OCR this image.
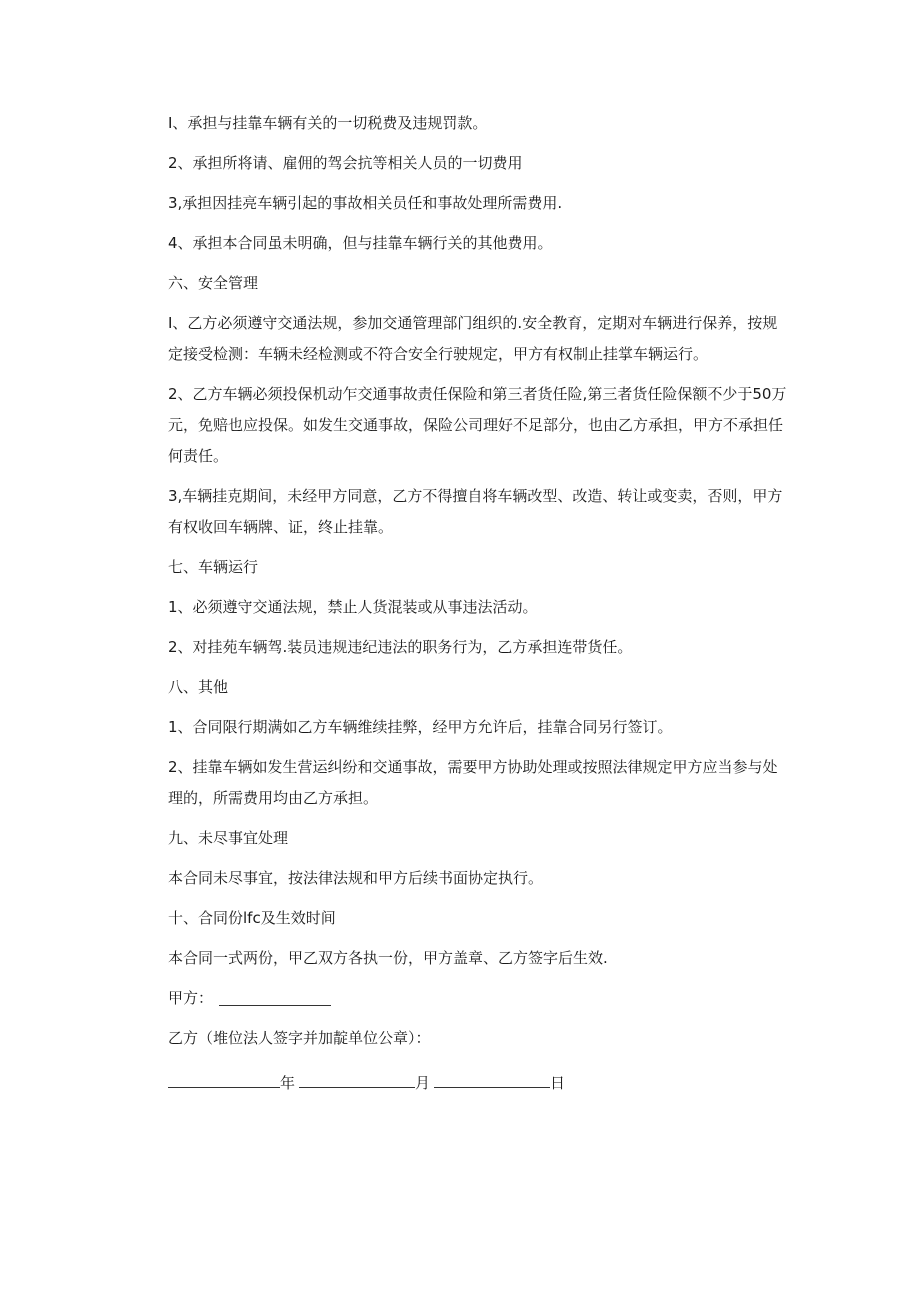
I、承担与挂靠车辆有关的一切税费及违规罚款。

2、承担所将请、雇佣的驾会抗等相关人员的一切费用

3,承担因挂亮车辆引起的事故相关员任和事故处理所需费用.

4、承担本合同虽未明确，但与挂靠车辆行关的其他费用。

六、安全管理

I、乙方必须遵守交通法规，参加交通管理部门组织的.安全教育，定期对车辆进行保养，按规定接受检测：车辆未经检测或不符合安全行驶规定，甲方有权制止挂掌车辆运行。

2、乙方车辆必须投保机动乍交通事故责任保险和第三者货任险,第三者货任险保额不少于50万元，免赔也应投保。如发生交通事故，保险公司理好不足部分，也由乙方承担，甲方不承担任何责任。

3,车辆挂克期间，未经甲方同意，乙方不得擅自将车辆改型、改造、转让或变卖，否则，甲方有权收回车辆牌、证，终止挂靠。

七、车辆运行

1、必须遵守交通法规，禁止人货混装或从事违法活动。

2、对挂苑车辆驾.装员违规违纪违法的职务行为，乙方承担连带货任。

八、其他

1、合同限行期满如乙方车辆维续挂弊，经甲方允许后，挂靠合同另行签订。

2、挂靠车辆如发生营运纠纷和交通事故，需要甲方协助处理或按照法律规定甲方应当参与处理的，所需费用均由乙方承担。

九、未尽事宜处理

本合同未尽事宜，按法律法规和甲方后续书面协定执行。

十、合同份lfc及生效时间

本合同一式两份，甲乙双方各执一份，甲方盖章、乙方签字后生效.

甲方：

乙方（堆位法人签字并加靛单位公章）：

年	月	日
